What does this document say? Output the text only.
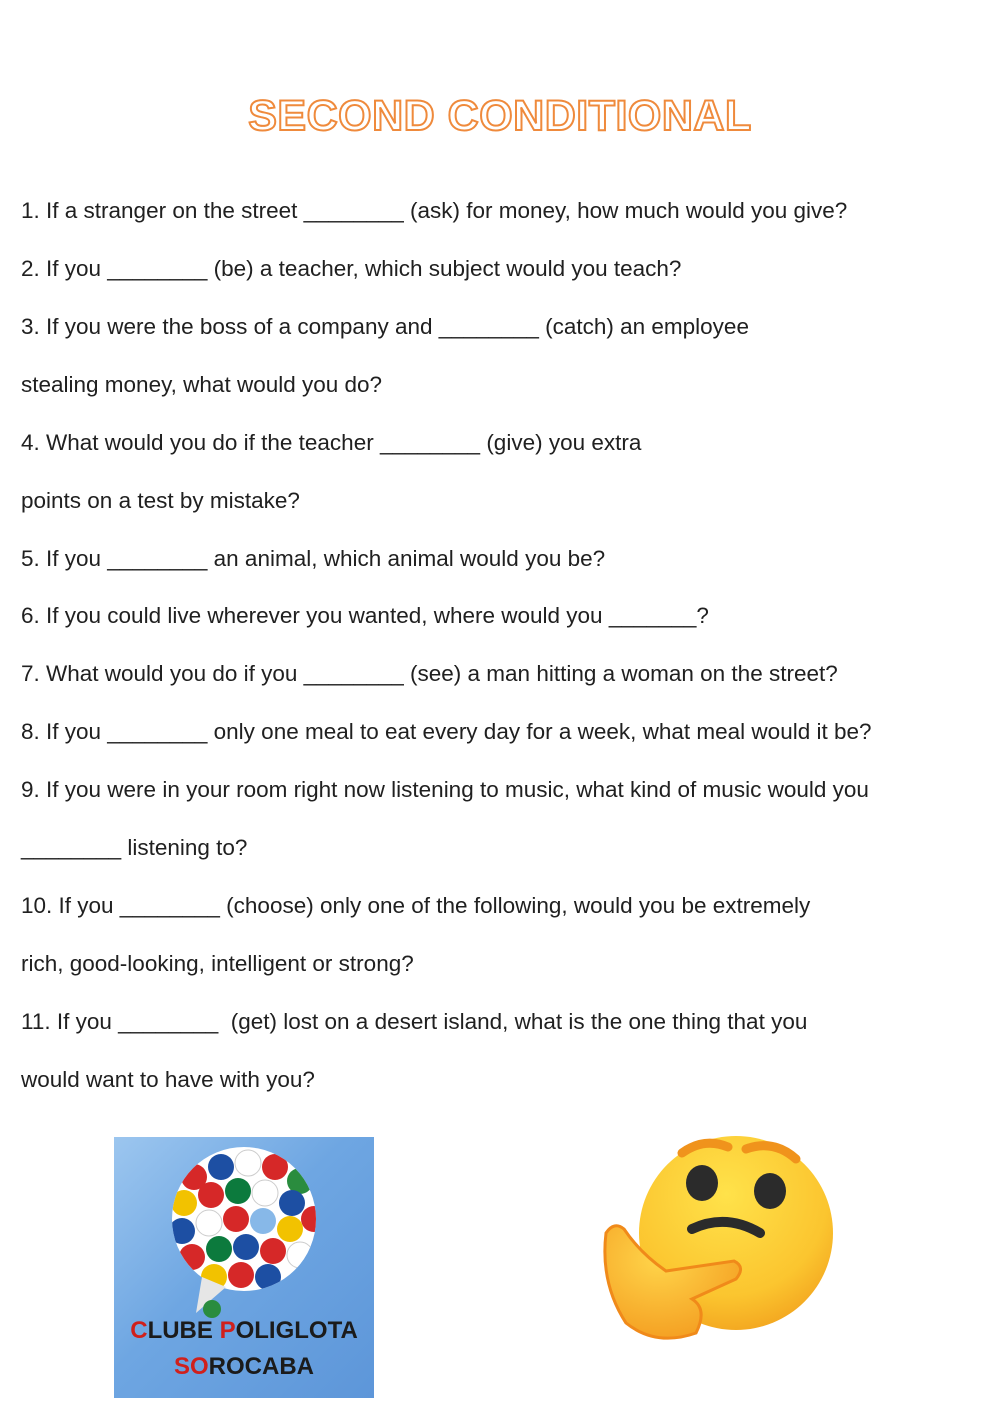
SECOND CONDITIONAL
1. If a stranger on the street ________ (ask) for money, how much would you give?
2. If you ________ (be) a teacher, which subject would you teach?
3. If you were the boss of a company and ________ (catch) an employee
stealing money, what would you do?
4. What would you do if the teacher ________ (give) you extra
points on a test by mistake?
5. If you ________ an animal, which animal would you be?
6. If you could live wherever you wanted, where would you _______?
7. What would you do if you ________ (see) a man hitting a woman on the street?
8. If you ________ only one meal to eat every day for a week, what meal would it be?
9. If you were in your room right now listening to music, what kind of music would you
________ listening to?
10. If you ________ (choose) only one of the following, would you be extremely
rich, good-looking, intelligent or strong?
11. If you ________  (get) lost on a desert island, what is the one thing that you
would want to have with you?
CLUBE POLIGLOTA
SOROCABA
